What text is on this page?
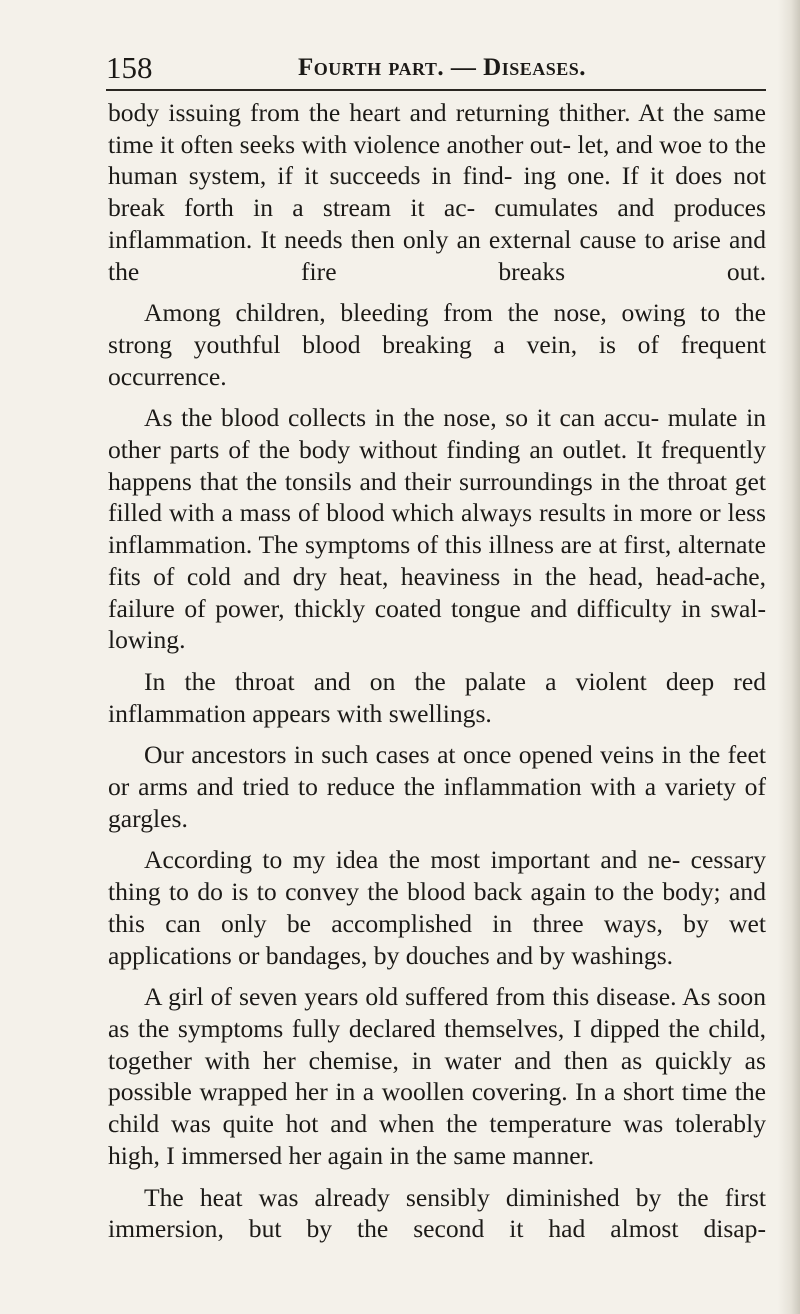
158	Fourth part. — Diseases.

body issuing from the heart and returning thither. At the same time it often seeks with violence another out- let, and woe to the human system, if it succeeds in find- ing one. If it does not break forth in a stream it ac- cumulates and produces inflammation. It needs then only an external cause to arise and the fire breaks out.

Among children, bleeding from the nose, owing to the strong youthful blood breaking a vein, is of frequent occurrence.

As the blood collects in the nose, so it can accu- mulate in other parts of the body without finding an outlet. It frequently happens that the tonsils and their surroundings in the throat get filled with a mass of blood which always results in more or less inflammation. The symptoms of this illness are at first, alternate fits of cold and dry heat, heaviness in the head, head-ache, failure of power, thickly coated tongue and difficulty in swal- lowing.

In the throat and on the palate a violent deep red inflammation appears with swellings.

Our ancestors in such cases at once opened veins in the feet or arms and tried to reduce the inflammation with a variety of gargles.

According to my idea the most important and ne- cessary thing to do is to convey the blood back again to the body; and this can only be accomplished in three ways, by wet applications or bandages, by douches and by washings.

A girl of seven years old suffered from this disease. As soon as the symptoms fully declared themselves, I dipped the child, together with her chemise, in water and then as quickly as possible wrapped her in a woollen covering. In a short time the child was quite hot and when the temperature was tolerably high, I immersed her again in the same manner.

The heat was already sensibly diminished by the first immersion, but by the second it had almost disap-
